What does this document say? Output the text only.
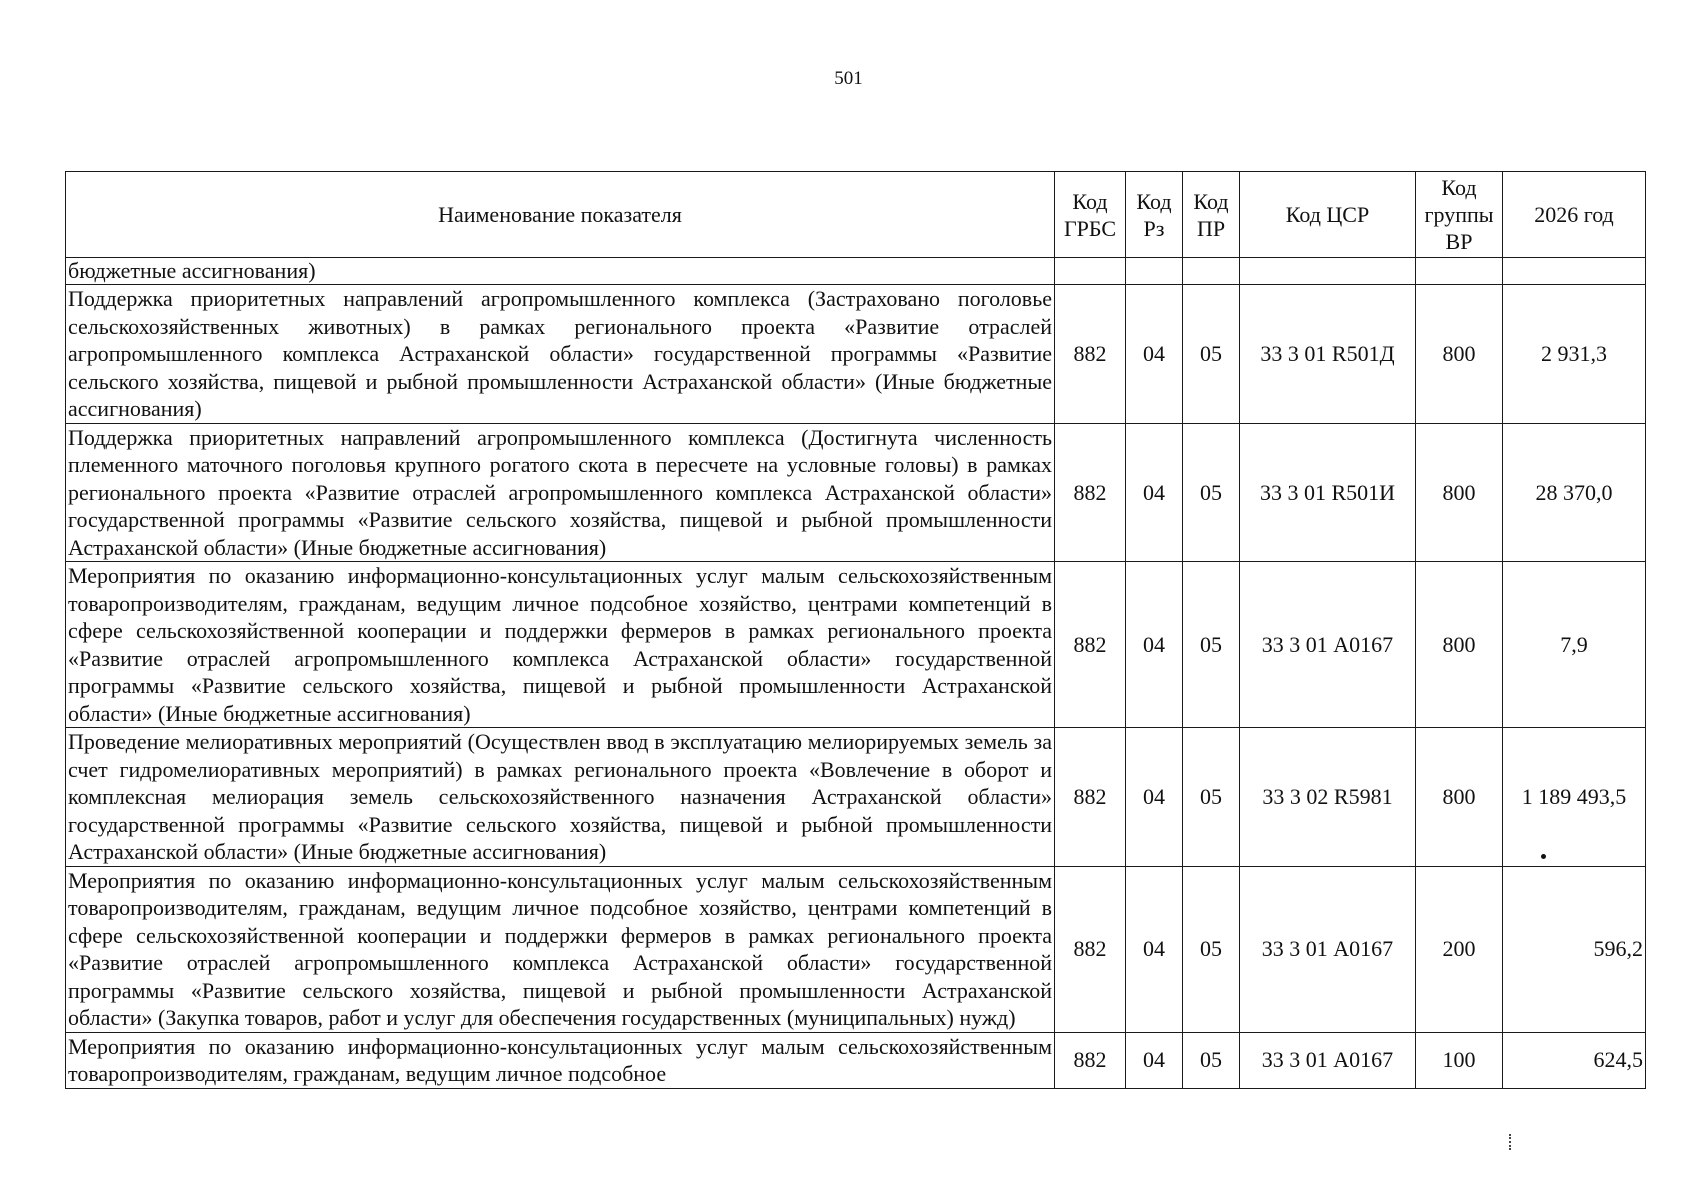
501
Наименование показателя	Код ГРБС	Код Рз	Код ПР	Код ЦСР	Код группы ВР	2026 год
бюджетные ассигнования)						
Поддержка приоритетных направлений агропромышленного комплекса (Застраховано поголовье сельскохозяйственных животных) в рамках регионального проекта «Развитие отраслей агропромышленного комплекса Астраханской области» государственной программы «Развитие сельского хозяйства, пищевой и рыбной промышленности Астраханской области» (Иные бюджетные ассигнования)	882	04	05	33 3 01 R501Д	800	2 931,3
Поддержка приоритетных направлений агропромышленного комплекса (Достигнута численность племенного маточного поголовья крупного рогатого скота в пересчете на условные головы) в рамках регионального проекта «Развитие отраслей агропромышленного комплекса Астраханской области» государственной программы «Развитие сельского хозяйства, пищевой и рыбной промышленности Астраханской области» (Иные бюджетные ассигнования)	882	04	05	33 3 01 R501И	800	28 370,0
Мероприятия по оказанию информационно-консультационных услуг малым сельскохозяйственным товаропроизводителям, гражданам, ведущим личное подсобное хозяйство, центрами компетенций в сфере сельскохозяйственной кооперации и поддержки фермеров в рамках регионального проекта «Развитие отраслей агропромышленного комплекса Астраханской области» государственной программы «Развитие сельского хозяйства, пищевой и рыбной промышленности Астраханской области» (Иные бюджетные ассигнования)	882	04	05	33 3 01 А0167	800	7,9
Проведение мелиоративных мероприятий (Осуществлен ввод в эксплуатацию мелиорируемых земель за счет гидромелиоративных мероприятий) в рамках регионального проекта «Вовлечение в оборот и комплексная мелиорация земель сельскохозяйственного назначения Астраханской области» государственной программы «Развитие сельского хозяйства, пищевой и рыбной промышленности Астраханской области» (Иные бюджетные ассигнования)	882	04	05	33 3 02 R5981	800	1 189 493,5
Мероприятия по оказанию информационно-консультационных услуг малым сельскохозяйственным товаропроизводителям, гражданам, ведущим личное подсобное хозяйство, центрами компетенций в сфере сельскохозяйственной кооперации и поддержки фермеров в рамках регионального проекта «Развитие отраслей агропромышленного комплекса Астраханской области» государственной программы «Развитие сельского хозяйства, пищевой и рыбной промышленности Астраханской области» (Закупка товаров, работ и услуг для обеспечения государственных (муниципальных) нужд)	882	04	05	33 3 01 А0167	200	596,2
Мероприятия по оказанию информационно-консультационных услуг малым сельскохозяйственным товаропроизводителям, гражданам, ведущим личное подсобное	882	04	05	33 3 01 А0167	100	624,5
